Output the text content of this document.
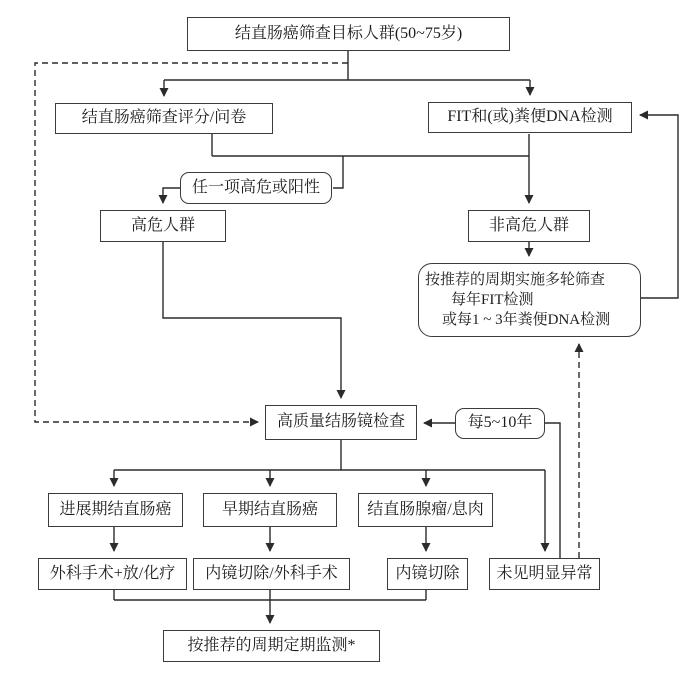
结直肠癌筛查目标人群(50~75岁)
结直肠癌筛查评分/问卷	FIT和(或)粪便DNA检测
任一项高危或阳性
高危人群	非高危人群
按推荐的周期实施多轮筛查
每年FIT检测
或每1 ~ 3年粪便DNA检测
高质量结肠镜检查	每5~10年
进展期结直肠癌	早期结直肠癌	结直肠腺瘤/息肉
外科手术+放/化疗	内镜切除/外科手术	内镜切除	未见明显异常
按推荐的周期定期监测*
